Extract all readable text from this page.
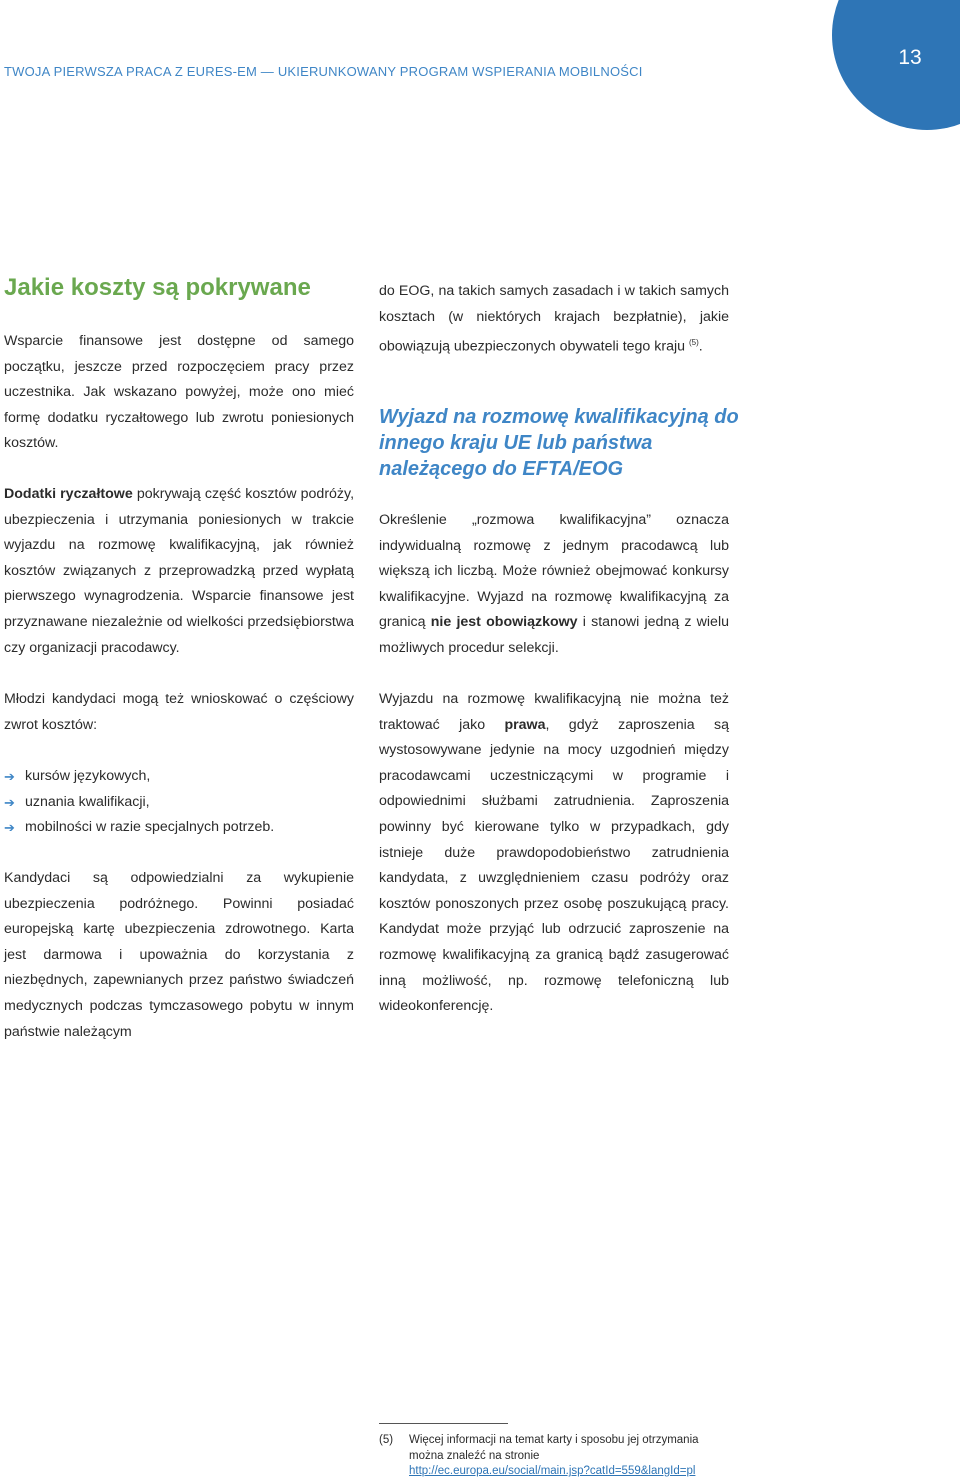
13
TWOJA PIERWSZA PRACA Z EURES-EM — UKIERUNKOWANY PROGRAM WSPIERANIA MOBILNOŚCI
Jakie koszty są pokrywane

Wsparcie finansowe jest dostępne od samego początku, jeszcze przed rozpoczęciem pracy przez uczestnika. Jak wskazano powyżej, może ono mieć formę dodatku ryczałtowego lub zwrotu poniesionych kosztów.

Dodatki ryczałtowe pokrywają część kosztów podróży, ubezpieczenia i utrzymania poniesionych w trakcie wyjazdu na rozmowę kwalifikacyjną, jak również kosztów związanych z przeprowadzką przed wypłatą pierwszego wynagrodzenia. Wsparcie finansowe jest przyznawane niezależnie od wielkości przedsiębiorstwa czy organizacji pracodawcy.

Młodzi kandydaci mogą też wnioskować o częściowy zwrot kosztów:

➔ kursów językowych,
➔ uznania kwalifikacji,
➔ mobilności w razie specjalnych potrzeb.

Kandydaci są odpowiedzialni za wykupienie ubezpieczenia podróżnego. Powinni posiadać europejską kartę ubezpieczenia zdrowotnego. Karta jest darmowa i upoważnia do korzystania z niezbędnych, zapewnianych przez państwo świadczeń medycznych podczas tymczasowego pobytu w innym państwie należącym

do EOG, na takich samych zasadach i w takich samych kosztach (w niektórych krajach bezpłatnie), jakie obowiązują ubezpieczonych obywateli tego kraju $^{(5)}$.

Wyjazd na rozmowę kwalifikacyjną do innego kraju UE lub państwa należącego do EFTA/EOG

Określenie „rozmowa kwalifikacyjna” oznacza indywidualną rozmowę z jednym pracodawcą lub większą ich liczbą. Może również obejmować konkursy kwalifikacyjne. Wyjazd na rozmowę kwalifikacyjną za granicą nie jest obowiązkowy i stanowi jedną z wielu możliwych procedur selekcji.

Wyjazdu na rozmowę kwalifikacyjną nie można też traktować jako prawa, gdyż zaproszenia są wystosowywane jedynie na mocy uzgodnień między pracodawcami uczestniczącymi w programie i odpowiednimi służbami zatrudnienia. Zaproszenia powinny być kierowane tylko w przypadkach, gdy istnieje duże prawdopodobieństwo zatrudnienia kandydata, z uwzględnieniem czasu podróży oraz kosztów ponoszonych przez osobę poszukującą pracy. Kandydat może przyjąć lub odrzucić zaproszenie na rozmowę kwalifikacyjną za granicą bądź zasugerować inną możliwość, np. rozmowę telefoniczną lub wideokonferencję.

(5) Więcej informacji na temat karty i sposobu jej otrzymania można znaleźć na stronie
http://ec.europa.eu/social/main.jsp?catId=559&langId=pl
